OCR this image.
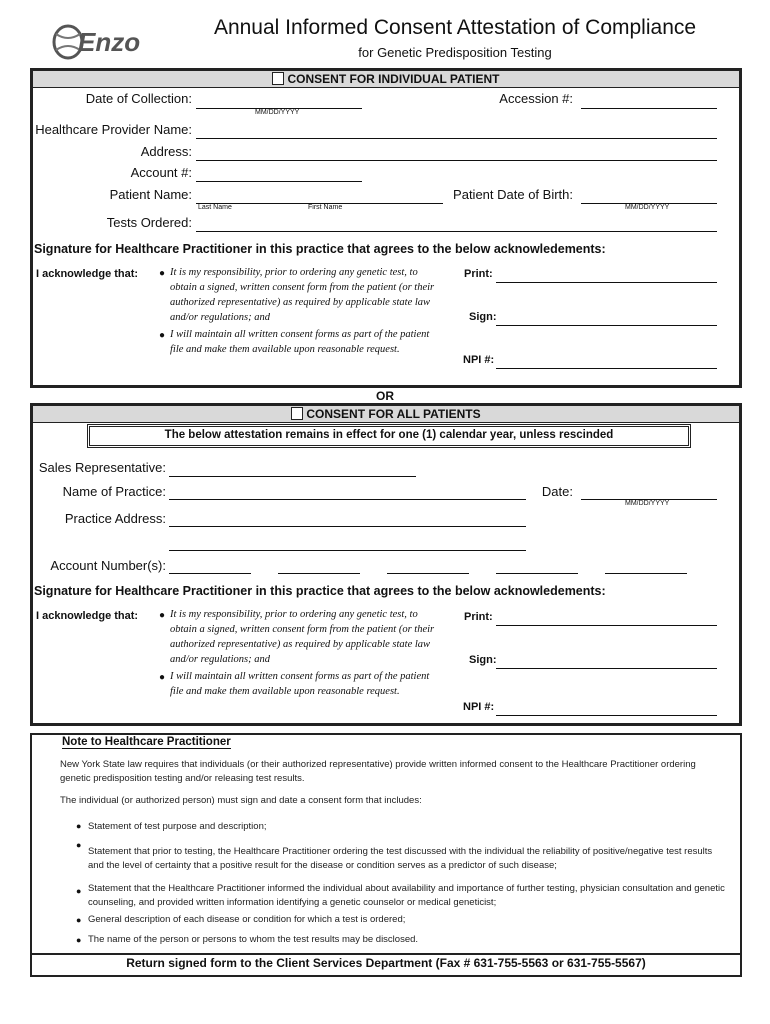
Enzo	Annual Informed Consent Attestation of Compliance
for Genetic Predisposition Testing
CONSENT FOR INDIVIDUAL PATIENT
Date of Collection:
MM/DD/YYYY
Accession #:
Healthcare Provider Name:
Address:
Account #:
Patient Name:
Last Name	First Name
Patient Date of Birth:
MM/DD/YYYY
Tests Ordered:
Signature for Healthcare Practitioner in this practice that agrees to the below acknowledements:
I acknowledge that: ● It is my responsibility, prior to ordering any genetic test, to obtain a signed, written consent form from the patient (or their authorized representative) as required by applicable state law and/or regulations; and
● I will maintain all written consent forms as part of the patient file and make them available upon reasonable request.
Print:
Sign:
NPI #:
OR
CONSENT FOR ALL PATIENTS
The below attestation remains in effect for one (1) calendar year, unless rescinded
Sales Representative:
Name of Practice:	Date:
MM/DD/YYYY
Practice Address:
Account Number(s):
Signature for Healthcare Practitioner in this practice that agrees to the below acknowledements:
I acknowledge that: ● It is my responsibility, prior to ordering any genetic test, to obtain a signed, written consent form from the patient (or their authorized representative) as required by applicable state law and/or regulations; and
● I will maintain all written consent forms as part of the patient file and make them available upon reasonable request.
Print:
Sign:
NPI #:
Note to Healthcare Practitioner
New York State law requires that individuals (or their authorized representative) provide written informed consent to the Healthcare Practitioner ordering genetic predisposition testing and/or releasing test results.
The individual (or authorized person) must sign and date a consent form that includes:
● Statement of test purpose and description;
●
Statement that prior to testing, the Healthcare Practitioner ordering the test discussed with the individual the reliability of positive/negative test results and the level of certainty that a positive result for the disease or condition serves as a predictor of such disease;
● Statement that the Healthcare Practitioner informed the individual about availability and importance of further testing, physician consultation and genetic counseling, and provided written information identifying a genetic counselor or medical geneticist;
● General description of each disease or condition for which a test is ordered;
● The name of the person or persons to whom the test results may be disclosed.
Return signed form to the Client Services Department (Fax # 631-755-5563 or 631-755-5567)
